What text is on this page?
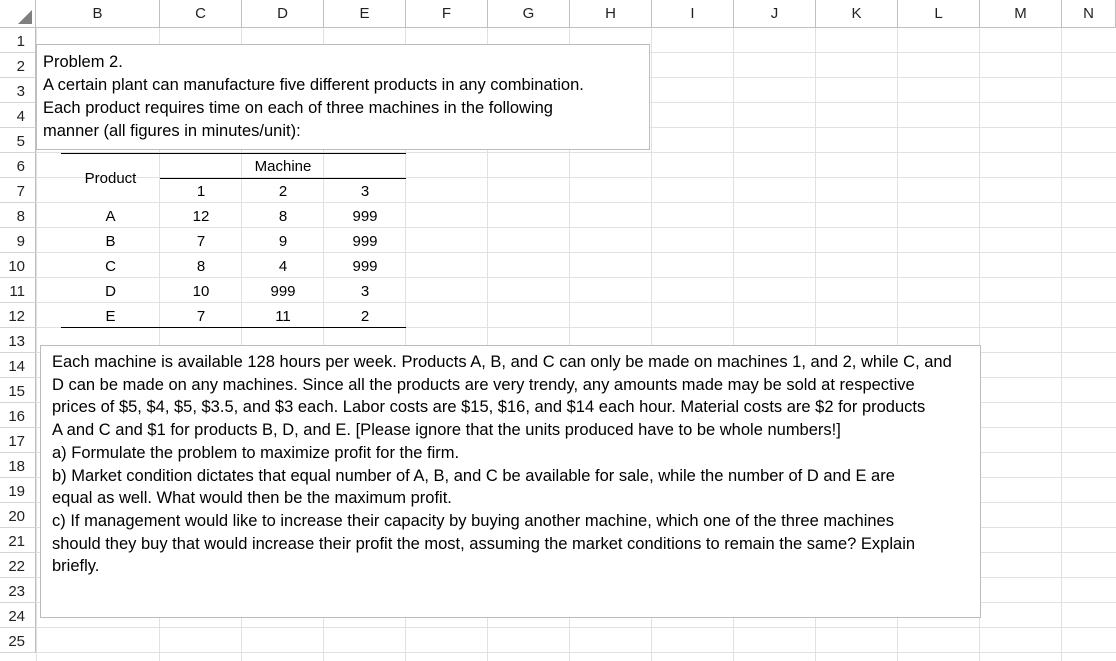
B	C	D	E	F	G	H	I	J	K	L	M	N
1
2
3
4
5
6
7
8
9
10
11
12
13
14
15
16
17
18
19
20
21
22
23
24
25
Problem 2.
A certain plant can manufacture five different products in any combination.
Each product requires time on each of three machines in the following
manner (all figures in minutes/unit):
Product
Machine
1	2	3
A	12	8	999
B	7	9	999
C	8	4	999
D	10	999	3
E	7	11	2
Each machine is available 128 hours per week. Products A, B, and C can only be made on machines 1, and 2, while C, and
D can be made on any machines. Since all the products are very trendy, any amounts made may be sold at respective
prices of $5, $4, $5, $3.5, and $3 each. Labor costs are $15, $16, and $14 each hour. Material costs are $2 for products
A and C and $1 for products B, D, and E. [Please ignore that the units produced have to be whole numbers!]
a) Formulate the problem to maximize profit for the firm.
b) Market condition dictates that equal number of A, B, and C be available for sale, while the number of D and E are
equal as well. What would then be the maximum profit.
c) If management would like to increase their capacity by buying another machine, which one of the three machines
should they buy that would increase their profit the most, assuming the market conditions to remain the same? Explain
briefly.
